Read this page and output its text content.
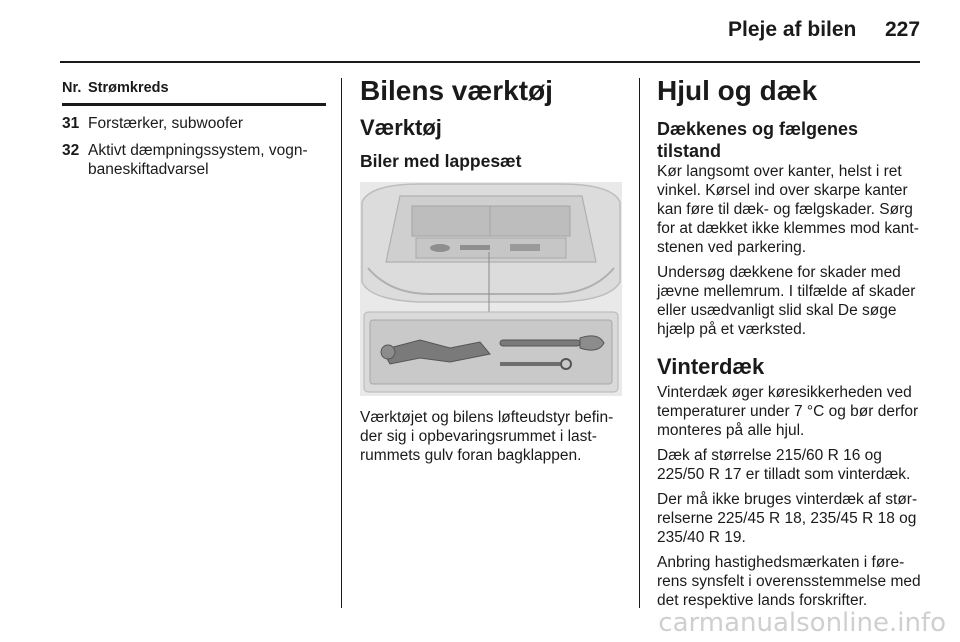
Pleje af bilen 227
Nr. Strømkreds
31 Forstærker, subwoofer
32 Aktivt dæmpningssystem, vogn-baneskiftadvarsel
Bilens værktøj
Værktøj
Biler med lappesæt
Værktøjet og bilens løfteudstyr befin-der sig i opbevaringsrummet i last-rummets gulv foran bagklappen.
Hjul og dæk
Dækkenes og fælgenes tilstand
Kør langsomt over kanter, helst i ret vinkel. Kørsel ind over skarpe kanter kan føre til dæk- og fælgskader. Sørg for at dækket ikke klemmes mod kant-stenen ved parkering.
Undersøg dækkene for skader med jævne mellemrum. I tilfælde af skader eller usædvanligt slid skal De søge hjælp på et værksted.
Vinterdæk
Vinterdæk øger køresikkerheden ved temperaturer under 7 °C og bør derfor monteres på alle hjul.
Dæk af størrelse 215/60 R 16 og 225/50 R 17 er tilladt som vinterdæk.
Der må ikke bruges vinterdæk af stør-relserne 225/45 R 18, 235/45 R 18 og 235/40 R 19.
Anbring hastighedsmærkaten i føre-rens synsfelt i overensstemmelse med det respektive lands forskrifter.
carmanualsonline.info
